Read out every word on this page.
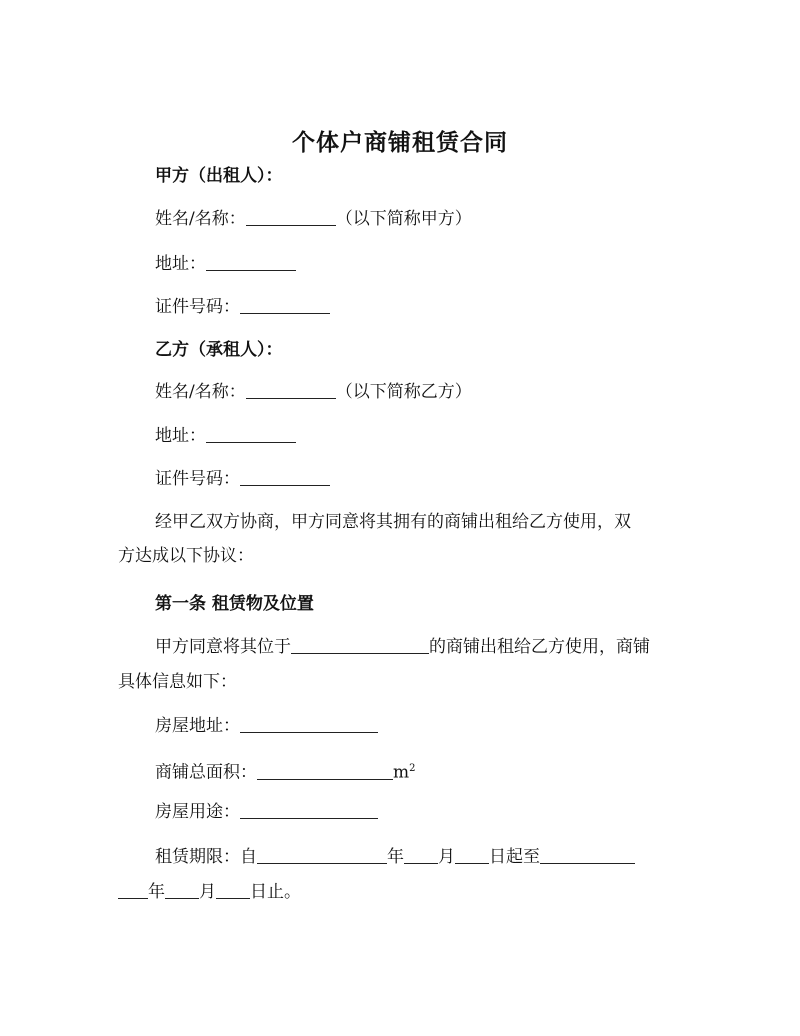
个体户商铺租赁合同
甲方（出租人）：
姓名/名称：	（以下简称甲方）
地址：
证件号码：
乙方（承租人）：
姓名/名称：	（以下简称乙方）
地址：
证件号码：
经甲乙双方协商，甲方同意将其拥有的商铺出租给乙方使用，双
方达成以下协议：
第一条 租赁物及位置
甲方同意将其位于	的商铺出租给乙方使用，商铺
具体信息如下：
房屋地址：
商铺总面积：	$m^2$
房屋用途：
租赁期限：自	年 月 日起至
年 月 日止。
